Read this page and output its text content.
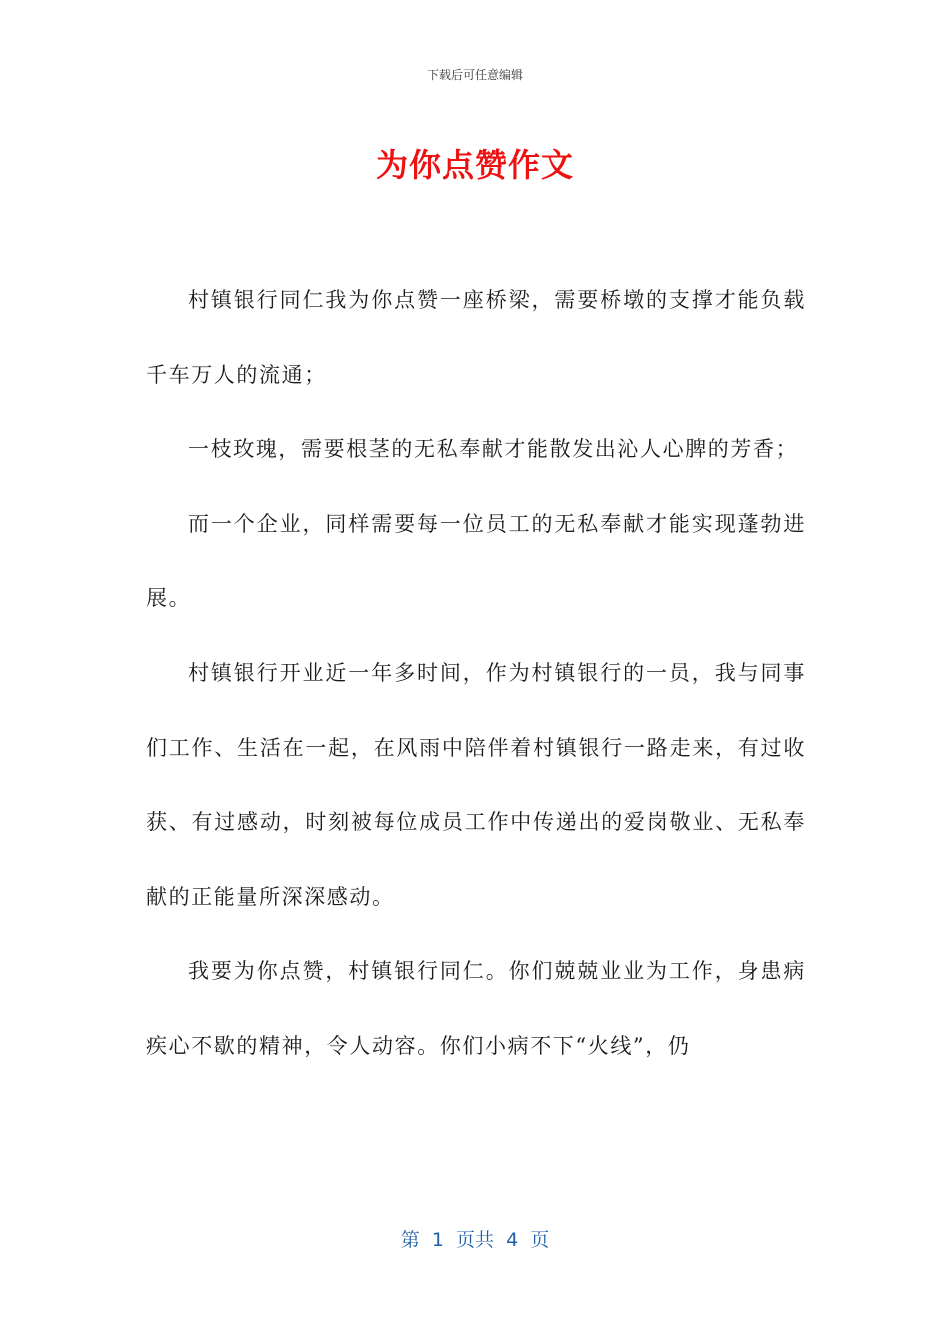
下载后可任意编辑
为你点赞作文

村镇银行同仁我为你点赞一座桥梁，需要桥墩的支撑才能负载千车万人的流通；

一枝玫瑰，需要根茎的无私奉献才能散发出沁人心脾的芳香；

而一个企业，同样需要每一位员工的无私奉献才能实现蓬勃进展。

村镇银行开业近一年多时间，作为村镇银行的一员，我与同事们工作、生活在一起，在风雨中陪伴着村镇银行一路走来，有过收获、有过感动，时刻被每位成员工作中传递出的爱岗敬业、无私奉献的正能量所深深感动。

我要为你点赞，村镇银行同仁。你们兢兢业业为工作，身患病疾心不歇的精神，令人动容。你们小病不下“火线”，仍

第  1  页共  4  页
